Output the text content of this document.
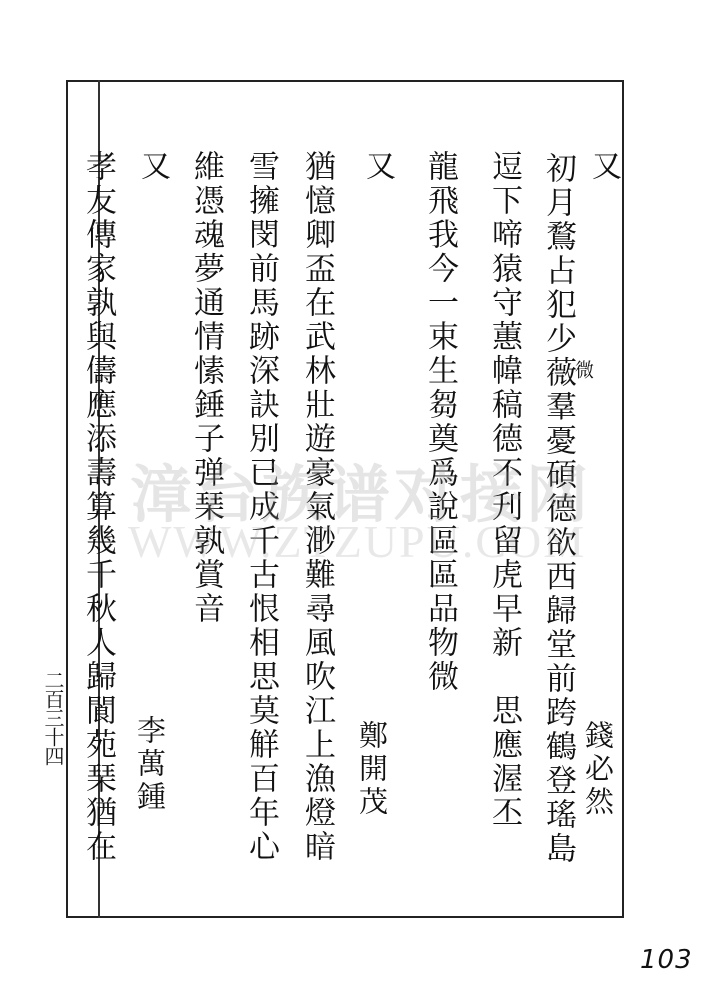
又
初月鶩占犯少薇羣憂碩德欲西歸堂前跨鶴登瑤島
逗下啼猿守蕙幃稿德不刋留虎早新　思應渥丕
龍飛我今一束生芻奠爲說區區品物微
又
猶憶卿盃在武林壯遊豪氣渺難尋風吹江上漁燈暗
雪擁閔前馬跡深訣別已成千古恨相思莫觧百年心
維憑魂夢通情愫錘子弹琹孰賞音
又
孝友傳家孰與儔應添壽算幾千秋人歸閬苑琹猶在	微
錢必然
鄭開茂
李萬鍾
二百三十四
103
漳台族谱对接网
WWW.ZTZUPU.COM
